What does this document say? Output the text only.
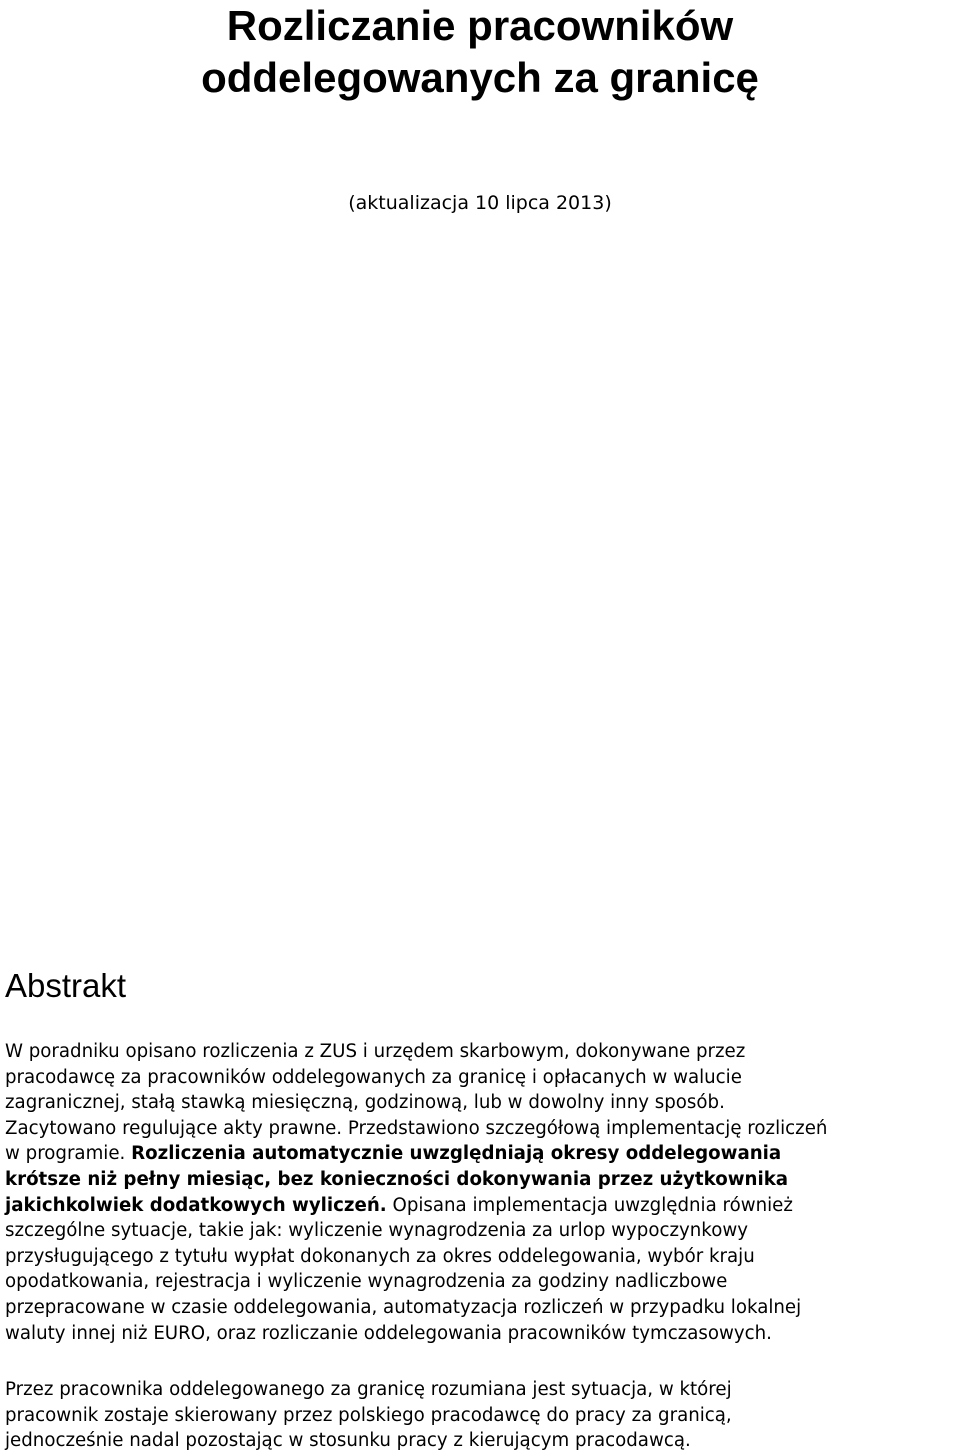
Rozliczanie pracowników
oddelegowanych za granicę
(aktualizacja 10 lipca 2013)
Abstrakt

W poradniku opisano rozliczenia z ZUS i urzędem skarbowym, dokonywane przez
pracodawcę za pracowników oddelegowanych za granicę i opłacanych w walucie
zagranicznej, stałą stawką miesięczną, godzinową, lub w dowolny inny sposób.
Zacytowano regulujące akty prawne. Przedstawiono szczegółową implementację rozliczeń
w programie. Rozliczenia automatycznie uwzględniają okresy oddelegowania
krótsze niż pełny miesiąc, bez konieczności dokonywania przez użytkownika
jakichkolwiek dodatkowych wyliczeń. Opisana implementacja uwzględnia również
szczególne sytuacje, takie jak: wyliczenie wynagrodzenia za urlop wypoczynkowy
przysługującego z tytułu wypłat dokonanych za okres oddelegowania, wybór kraju
opodatkowania, rejestracja i wyliczenie wynagrodzenia za godziny nadliczbowe
przepracowane w czasie oddelegowania, automatyzacja rozliczeń w przypadku lokalnej
waluty innej niż EURO, oraz rozliczanie oddelegowania pracowników tymczasowych.

Przez pracownika oddelegowanego za granicę rozumiana jest sytuacja, w której
pracownik zostaje skierowany przez polskiego pracodawcę do pracy za granicą,
jednocześnie nadal pozostając w stosunku pracy z kierującym pracodawcą.
